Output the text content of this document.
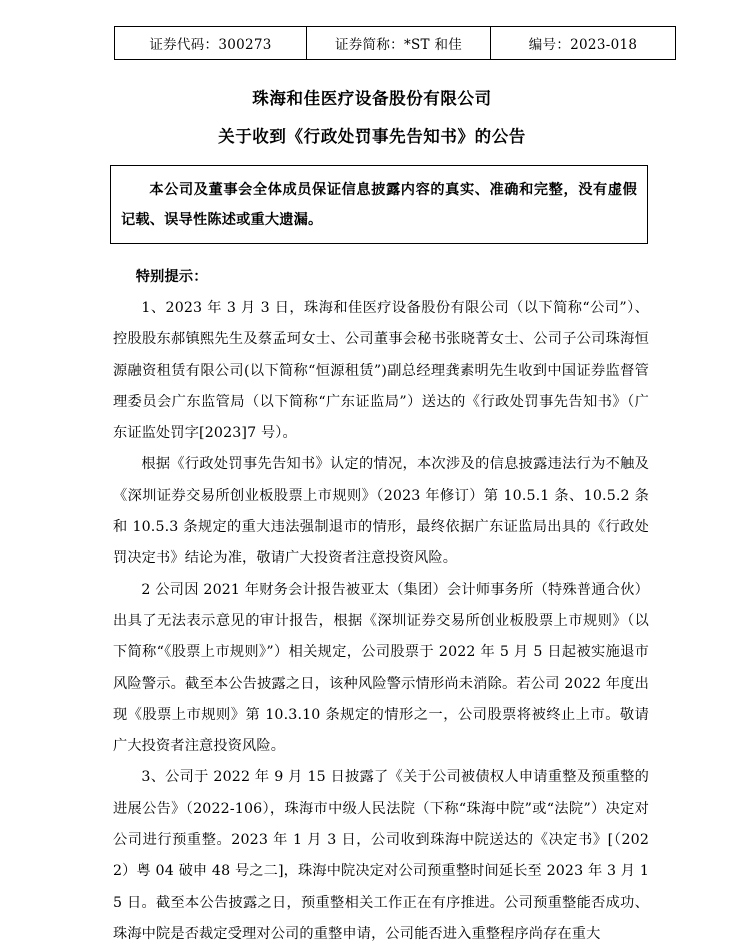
证券代码：300273	证券简称：*ST 和佳	编号：2023-018
珠海和佳医疗设备股份有限公司
关于收到《行政处罚事先告知书》的公告
本公司及董事会全体成员保证信息披露内容的真实、准确和完整，没有虚假记载、误导性陈述或重大遗漏。
特别提示：
1、2023 年 3 月 3 日，珠海和佳医疗设备股份有限公司（以下简称“公司”）、控股股东郝镇熙先生及蔡孟珂女士、公司董事会秘书张晓菁女士、公司子公司珠海恒源融资租赁有限公司(以下简称“恒源租赁”)副总经理龚素明先生收到中国证券监督管理委员会广东监管局（以下简称“广东证监局”）送达的《行政处罚事先告知书》（广东证监处罚字[2023]7 号）。
根据《行政处罚事先告知书》认定的情况，本次涉及的信息披露违法行为不触及《深圳证券交易所创业板股票上市规则》（2023 年修订）第 10.5.1 条、10.5.2 条和 10.5.3 条规定的重大违法强制退市的情形，最终依据广东证监局出具的《行政处罚决定书》结论为准，敬请广大投资者注意投资风险。
2 公司因 2021 年财务会计报告被亚太（集团）会计师事务所（特殊普通合伙）出具了无法表示意见的审计报告，根据《深圳证券交易所创业板股票上市规则》（以下简称“《股票上市规则》”）相关规定，公司股票于 2022 年 5 月 5 日起被实施退市风险警示。截至本公告披露之日，该种风险警示情形尚未消除。若公司 2022 年度出现《股票上市规则》第 10.3.10 条规定的情形之一，公司股票将被终止上市。敬请广大投资者注意投资风险。
3、公司于 2022 年 9 月 15 日披露了《关于公司被债权人申请重整及预重整的进展公告》（2022-106），珠海市中级人民法院（下称“珠海中院”或“法院”）决定对公司进行预重整。2023 年 1 月 3 日，公司收到珠海中院送达的《决定书》[（2022）粤 04 破申 48 号之二]，珠海中院决定对公司预重整时间延长至 2023 年 3 月 15 日。截至本公告披露之日，预重整相关工作正在有序推进。公司预重整能否成功、珠海中院是否裁定受理对公司的重整申请，公司能否进入重整程序尚存在重大
